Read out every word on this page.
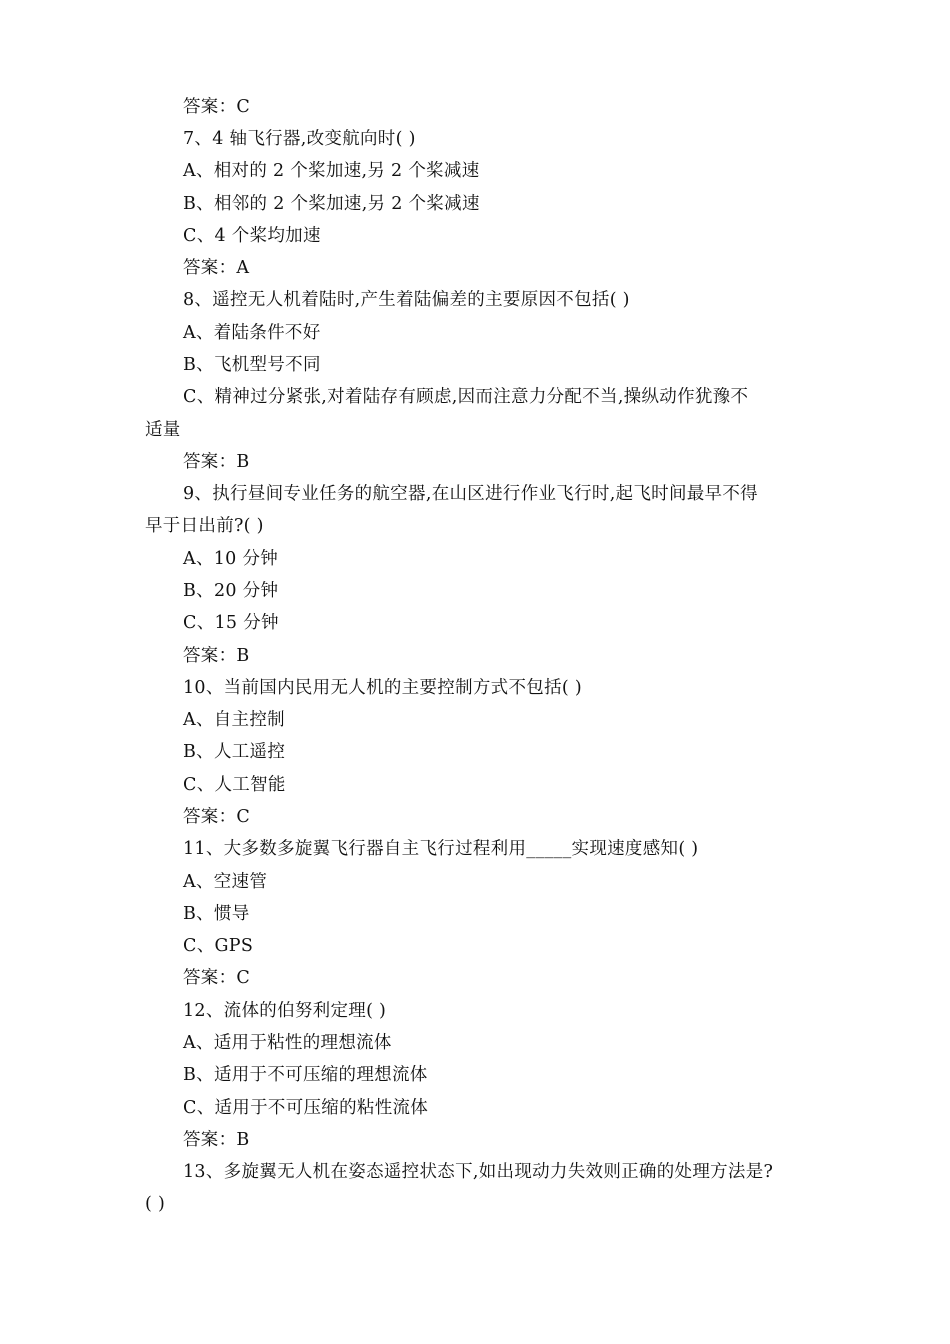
答案：C
7、4 轴飞行器,改变航向时( )
A、相对的 2 个桨加速,另 2 个桨减速
B、相邻的 2 个桨加速,另 2 个桨减速
C、4 个桨均加速
答案：A
8、遥控无人机着陆时,产生着陆偏差的主要原因不包括( )
A、着陆条件不好
B、飞机型号不同
C、精神过分紧张,对着陆存有顾虑,因而注意力分配不当,操纵动作犹豫不
适量
答案：B
9、执行昼间专业任务的航空器,在山区进行作业飞行时,起飞时间最早不得
早于日出前?( )
A、10 分钟
B、20 分钟
C、15 分钟
答案：B
10、当前国内民用无人机的主要控制方式不包括( )
A、自主控制
B、人工遥控
C、人工智能
答案：C
11、大多数多旋翼飞行器自主飞行过程利用_____实现速度感知( )
A、空速管
B、惯导
C、GPS
答案：C
12、流体的伯努利定理( )
A、适用于粘性的理想流体
B、适用于不可压缩的理想流体
C、适用于不可压缩的粘性流体
答案：B
13、多旋翼无人机在姿态遥控状态下,如出现动力失效则正确的处理方法是?
( )
